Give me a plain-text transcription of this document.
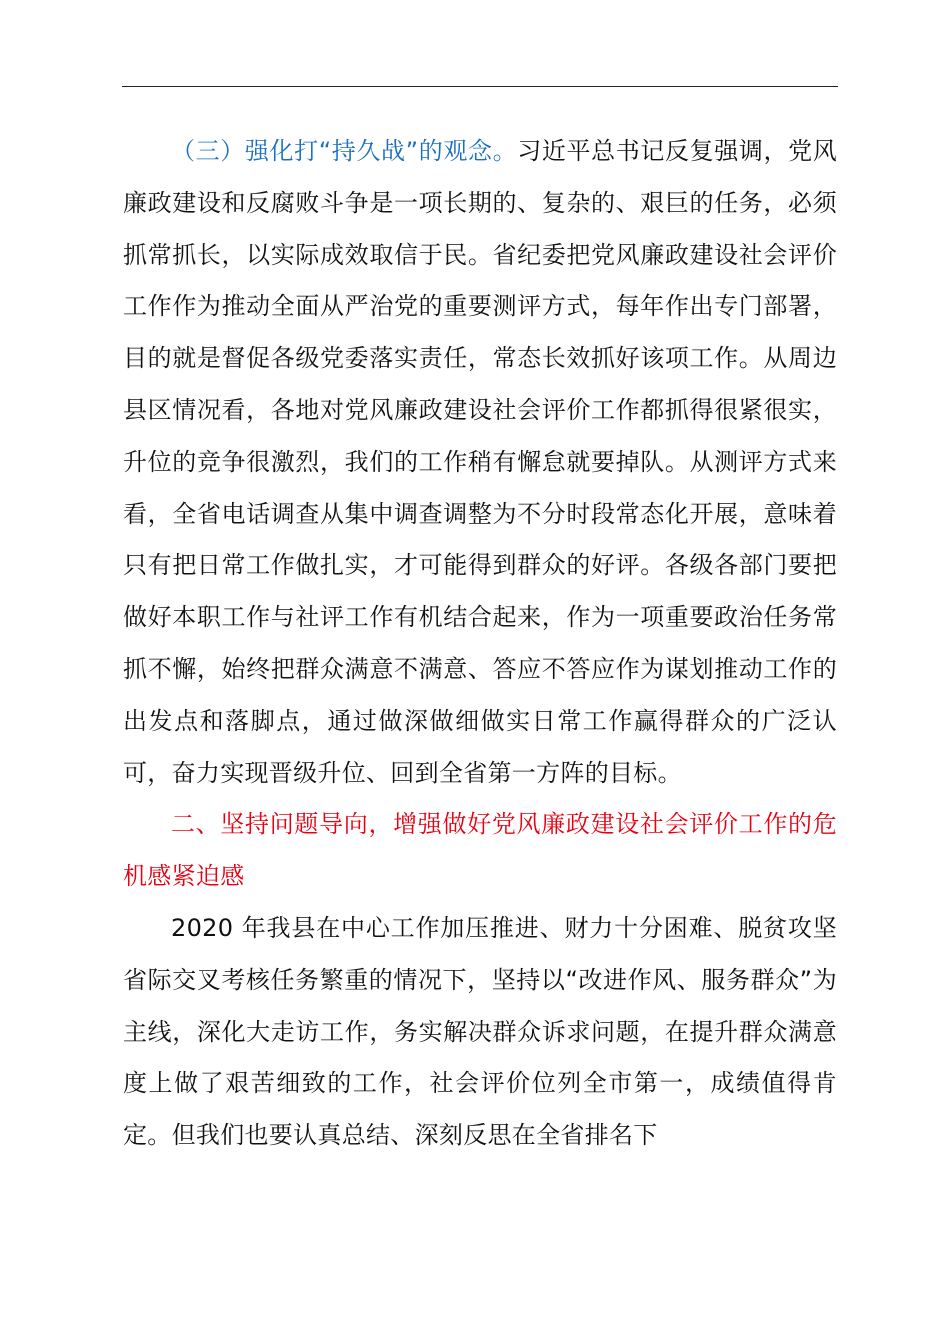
（三）强化打“持久战”的观念。习近平总书记反复强调，党风廉政建设和反腐败斗争是一项长期的、复杂的、艰巨的任务，必须抓常抓长，以实际成效取信于民。省纪委把党风廉政建设社会评价工作作为推动全面从严治党的重要测评方式，每年作出专门部署，目的就是督促各级党委落实责任，常态长效抓好该项工作。从周边县区情况看，各地对党风廉政建设社会评价工作都抓得很紧很实，升位的竞争很激烈，我们的工作稍有懈怠就要掉队。从测评方式来看，全省电话调查从集中调查调整为不分时段常态化开展，意味着只有把日常工作做扎实，才可能得到群众的好评。各级各部门要把做好本职工作与社评工作有机结合起来，作为一项重要政治任务常抓不懈，始终把群众满意不满意、答应不答应作为谋划推动工作的出发点和落脚点，通过做深做细做实日常工作赢得群众的广泛认可，奋力实现晋级升位、回到全省第一方阵的目标。

二、坚持问题导向，增强做好党风廉政建设社会评价工作的危机感紧迫感

2020 年我县在中心工作加压推进、财力十分困难、脱贫攻坚省际交叉考核任务繁重的情况下，坚持以“改进作风、服务群众”为主线，深化大走访工作，务实解决群众诉求问题，在提升群众满意度上做了艰苦细致的工作，社会评价位列全市第一，成绩值得肯定。但我们也要认真总结、深刻反思在全省排名下
